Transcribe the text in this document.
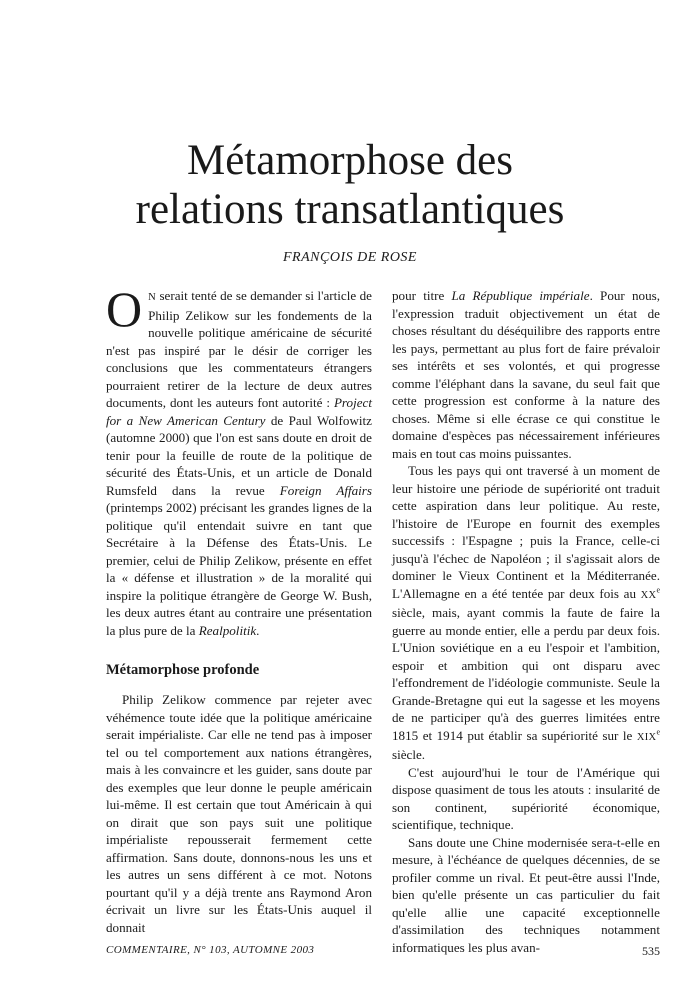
Métamorphose des
relations transatlantiques
FRANÇOIS DE ROSE

O N serait tenté de se demander si l'article de Philip Zelikow sur les fondements de la nouvelle politique américaine de sécurité n'est pas inspiré par le désir de corriger les conclusions que les commentateurs étrangers pourraient retirer de la lecture de deux autres documents, dont les auteurs font autorité : Project for a New American Century de Paul Wolfowitz (automne 2000) que l'on est sans doute en droit de tenir pour la feuille de route de la politique de sécurité des États-Unis, et un article de Donald Rumsfeld dans la revue Foreign Affairs (printemps 2002) précisant les grandes lignes de la politique qu'il entendait suivre en tant que Secrétaire à la Défense des États-Unis. Le premier, celui de Philip Zelikow, présente en effet la « défense et illustration » de la moralité qui inspire la politique étrangère de George W. Bush, les deux autres étant au contraire une présentation la plus pure de la Realpolitik.

Métamorphose profonde

Philip Zelikow commence par rejeter avec véhémence toute idée que la politique américaine serait impérialiste. Car elle ne tend pas à imposer tel ou tel comportement aux nations étrangères, mais à les convaincre et les guider, sans doute par des exemples que leur donne le peuple américain lui-même. Il est certain que tout Américain à qui on dirait que son pays suit une politique impérialiste repousserait fermement cette affirmation. Sans doute, donnons-nous les uns et les autres un sens différent à ce mot. Notons pourtant qu'il y a déjà trente ans Raymond Aron écrivait un livre sur les États-Unis auquel il donnait

pour titre La République impériale. Pour nous, l'expression traduit objectivement un état de choses résultant du déséquilibre des rapports entre les pays, permettant au plus fort de faire prévaloir ses intérêts et ses volontés, et qui progresse comme l'éléphant dans la savane, du seul fait que cette progression est conforme à la nature des choses. Même si elle écrase ce qui constitue le domaine d'espèces pas nécessairement inférieures mais en tout cas moins puissantes.

Tous les pays qui ont traversé à un moment de leur histoire une période de supériorité ont traduit cette aspiration dans leur politique. Au reste, l'histoire de l'Europe en fournit des exemples successifs : l'Espagne ; puis la France, celle-ci jusqu'à l'échec de Napoléon ; il s'agissait alors de dominer le Vieux Continent et la Méditerranée. L'Allemagne en a été tentée par deux fois au XXe siècle, mais, ayant commis la faute de faire la guerre au monde entier, elle a perdu par deux fois. L'Union soviétique en a eu l'espoir et l'ambition, espoir et ambition qui ont disparu avec l'effondrement de l'idéologie communiste. Seule la Grande-Bretagne qui eut la sagesse et les moyens de ne participer qu'à des guerres limitées entre 1815 et 1914 put établir sa supériorité sur le XIXe siècle.

C'est aujourd'hui le tour de l'Amérique qui dispose quasiment de tous les atouts : insularité de son continent, supériorité économique, scientifique, technique.

Sans doute une Chine modernisée sera-t-elle en mesure, à l'échéance de quelques décennies, de se profiler comme un rival. Et peut-être aussi l'Inde, bien qu'elle présente un cas particulier du fait qu'elle allie une capacité exceptionnelle d'assimilation des techniques notamment informatiques les plus avan-

COMMENTAIRE, N° 103, AUTOMNE 2003	535
